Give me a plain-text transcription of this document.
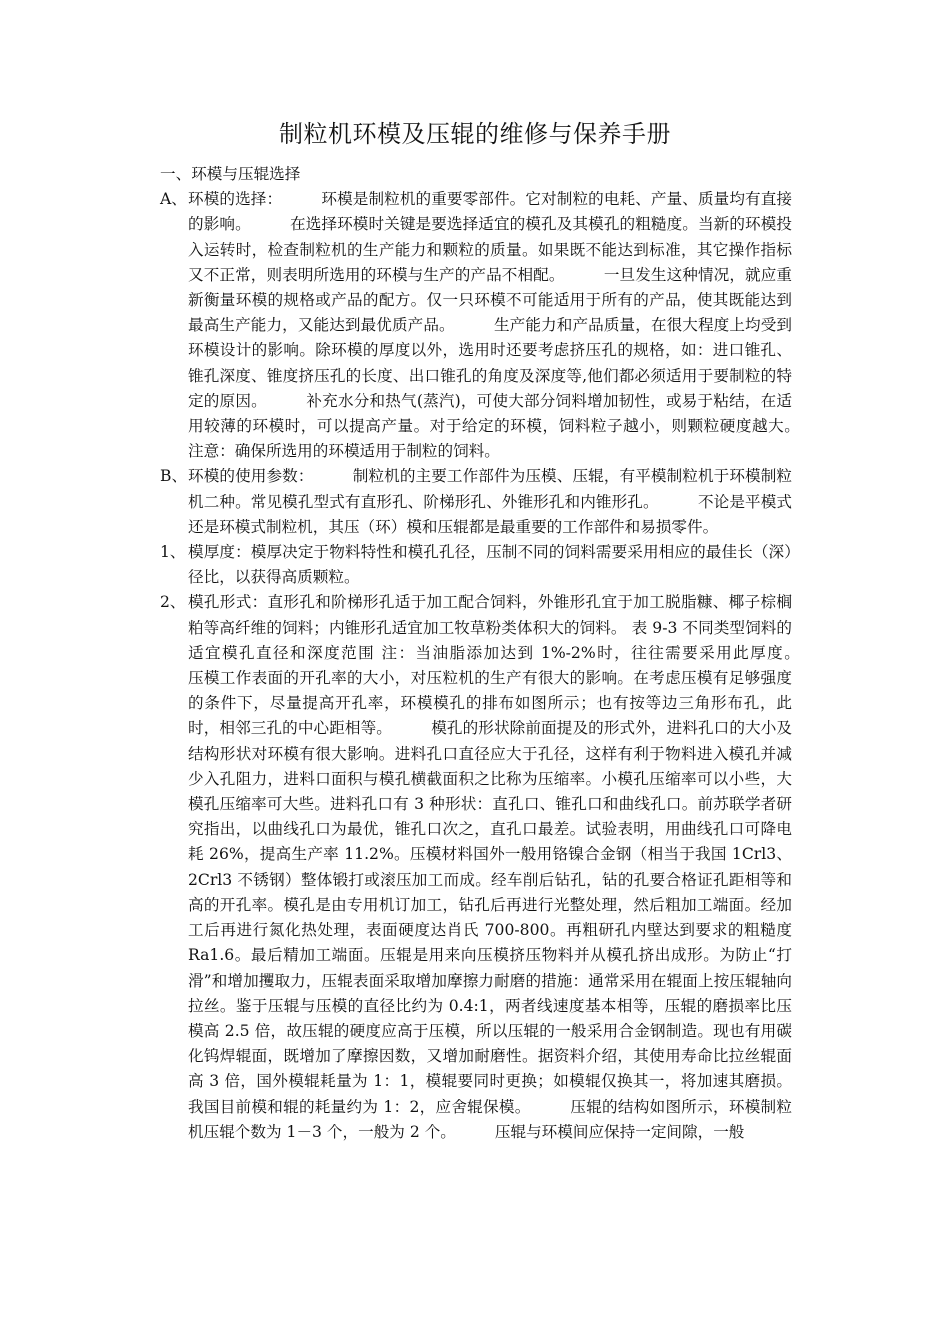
制粒机环模及压辊的维修与保养手册

一、环模与压辊选择

A、 环模的选择：　　　环模是制粒机的重要零部件。它对制粒的电耗、产量、质量均有直接的影响。　　　在选择环模时关键是要选择适宜的模孔及其模孔的粗糙度。当新的环模投入运转时，检查制粒机的生产能力和颗粒的质量。如果既不能达到标准，其它操作指标又不正常，则表明所选用的环模与生产的产品不相配。　　　一旦发生这种情况，就应重新衡量环模的规格或产品的配方。仅一只环模不可能适用于所有的产品，使其既能达到最高生产能力，又能达到最优质产品。　　　生产能力和产品质量，在很大程度上均受到环模设计的影响。除环模的厚度以外，选用时还要考虑挤压孔的规格，如：进口锥孔、锥孔深度、锥度挤压孔的长度、出口锥孔的角度及深度等,他们都必须适用于要制粒的特定的原因。　　　补充水分和热气(蒸汽)，可使大部分饲料增加韧性，或易于粘结，在适用较薄的环模时，可以提高产量。对于给定的环模，饲料粒子越小，则颗粒硬度越大。　　　注意：确保所选用的环模适用于制粒的饲料。
B、 环模的使用参数：　　　制粒机的主要工作部件为压模、压辊，有平模制粒机于环模制粒机二种。常见模孔型式有直形孔、阶梯形孔、外锥形孔和内锥形孔。　　　不论是平模式还是环模式制粒机，其压（环）模和压辊都是最重要的工作部件和易损零件。
1、 模厚度：模厚决定于物料特性和模孔孔径，压制不同的饲料需要采用相应的最佳长（深）径比，以获得高质颗粒。
2、 模孔形式：直形孔和阶梯形孔适于加工配合饲料，外锥形孔宜于加工脱脂糠、椰子棕榈粕等高纤维的饲料；内锥形孔适宜加工牧草粉类体积大的饲料。 表 9-3 不同类型饲料的适宜模孔直径和深度范围 注：当油脂添加达到 1%-2%时，往往需要采用此厚度。　　　压模工作表面的开孔率的大小，对压粒机的生产有很大的影响。在考虑压模有足够强度的条件下，尽量提高开孔率，环模模孔的排布如图所示；也有按等边三角形布孔，此时，相邻三孔的中心距相等。　　　模孔的形状除前面提及的形式外，进料孔口的大小及结构形状对环模有很大影响。进料孔口直径应大于孔径，这样有利于物料进入模孔并减少入孔阻力，进料口面积与模孔横截面积之比称为压缩率。小模孔压缩率可以小些，大模孔压缩率可大些。进料孔口有 3 种形状：直孔口、锥孔口和曲线孔口。前苏联学者研究指出，以曲线孔口为最优，锥孔口次之，直孔口最差。试验表明，用曲线孔口可降电耗 26%，提高生产率 11.2%。压模材料国外一般用铬镍合金钢（相当于我国 1Crl3、2Crl3 不锈钢）整体锻打或滚压加工而成。经车削后钻孔，钻的孔要合格证孔距相等和高的开孔率。模孔是由专用机订加工，钻孔后再进行光整处理，然后粗加工端面。经加工后再进行氮化热处理，表面硬度达肖氏 700-800。再粗研孔内壁达到要求的粗糙度 Ra1.6。最后精加工端面。压辊是用来向压模挤压物料并从模孔挤出成形。为防止“打滑”和增加攫取力，压辊表面采取增加摩擦力耐磨的措施：通常采用在辊面上按压辊轴向拉丝。鉴于压辊与压模的直径比约为 0.4:1，两者线速度基本相等，压辊的磨损率比压模高 2.5 倍，故压辊的硬度应高于压模，所以压辊的一般采用合金钢制造。现也有用碳化钨焊辊面，既增加了摩擦因数，又增加耐磨性。据资料介绍，其使用寿命比拉丝辊面高 3 倍，国外模辊耗量为 1：1，模辊要同时更换；如模辊仅换其一，将加速其磨损。我国目前模和辊的耗量约为 1：2，应舍辊保模。　　　压辊的结构如图所示，环模制粒机压辊个数为 1－3 个，一般为 2 个。　　　压辊与环模间应保持一定间隙，一般
